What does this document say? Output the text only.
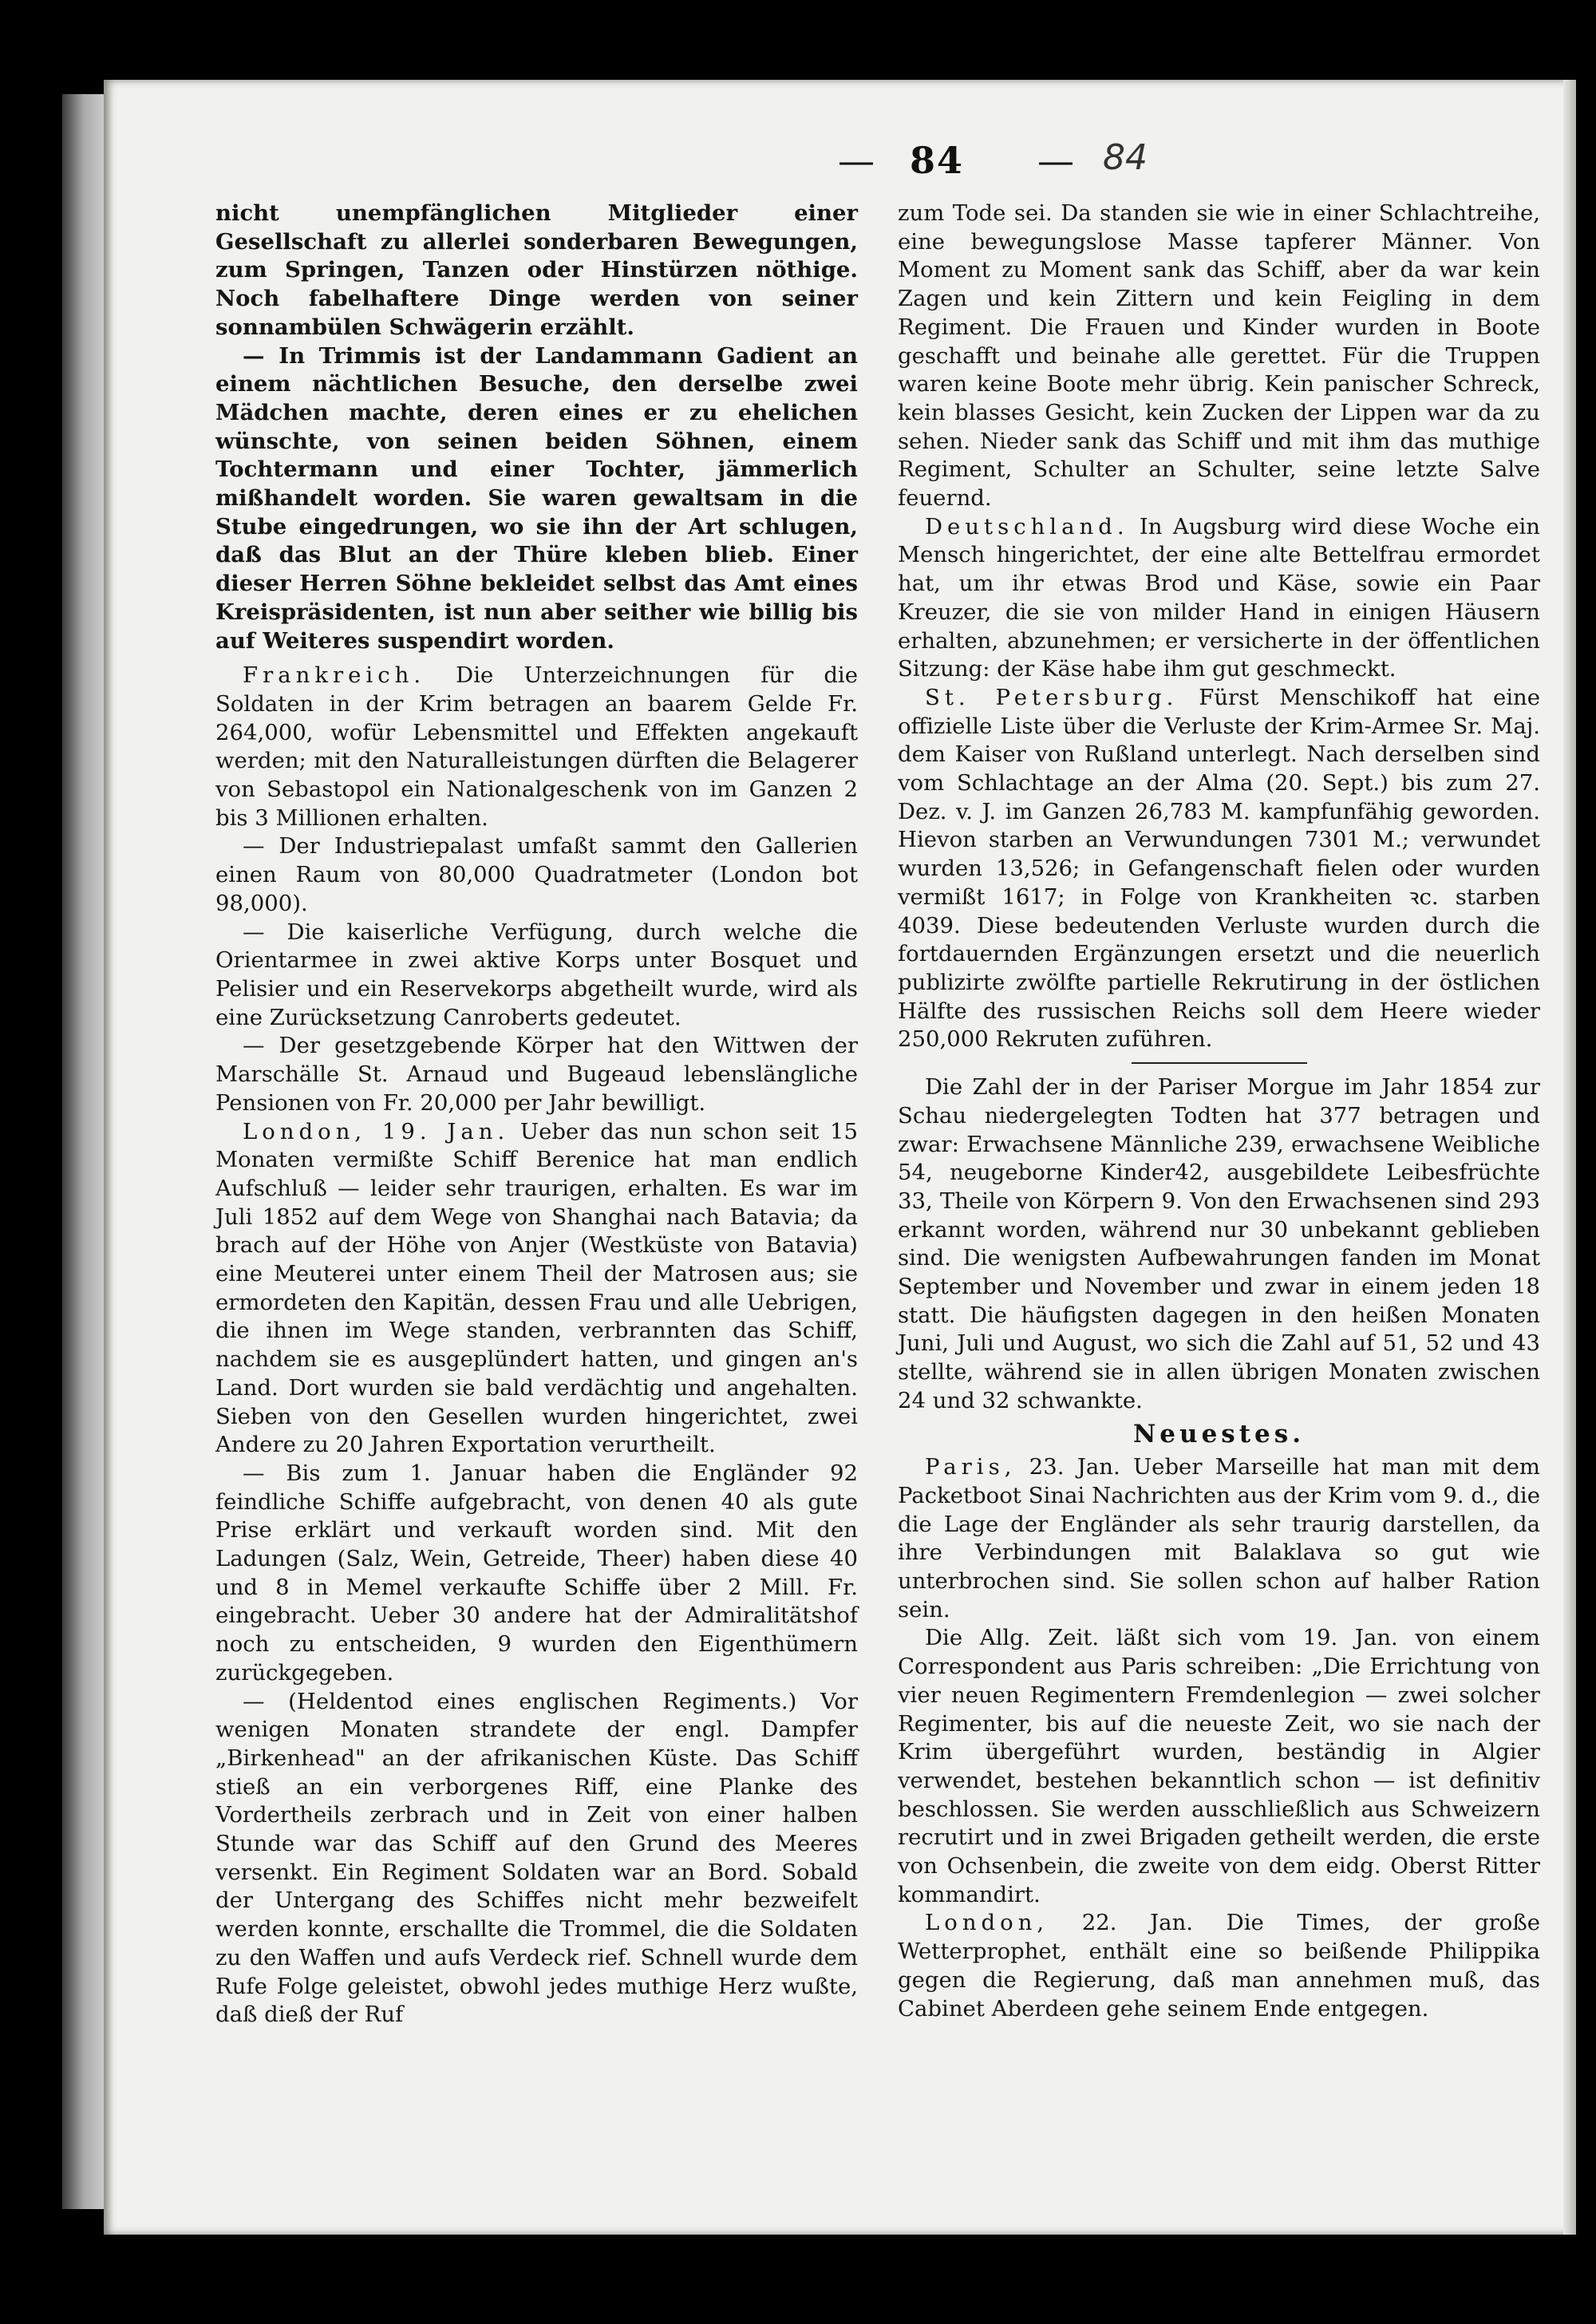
— 84 — 84

nicht unempfänglichen Mitglieder einer Gesellschaft zu allerlei sonderbaren Bewegungen, zum Springen, Tanzen oder Hinstürzen nöthige. Noch fabelhaftere Dinge werden von seiner sonnambülen Schwägerin erzählt.

— In Trimmis ist der Landammann Gadient an einem nächtlichen Besuche, den derselbe zwei Mädchen machte, deren eines er zu ehelichen wünschte, von seinen beiden Söhnen, einem Tochtermann und einer Tochter, jämmerlich mißhandelt worden. Sie waren gewaltsam in die Stube eingedrungen, wo sie ihn der Art schlugen, daß das Blut an der Thüre kleben blieb. Einer dieser Herren Söhne bekleidet selbst das Amt eines Kreispräsidenten, ist nun aber seither wie billig bis auf Weiteres suspendirt worden.

Frankreich. Die Unterzeichnungen für die Soldaten in der Krim betragen an baarem Gelde Fr. 264,000, wofür Lebensmittel und Effekten angekauft werden; mit den Naturalleistungen dürften die Belagerer von Sebastopol ein Nationalgeschenk von im Ganzen 2 bis 3 Millionen erhalten.

— Der Industriepalast umfaßt sammt den Gallerien einen Raum von 80,000 Quadratmeter (London bot 98,000).

— Die kaiserliche Verfügung, durch welche die Orientarmee in zwei aktive Korps unter Bosquet und Pelisier und ein Reservekorps abgetheilt wurde, wird als eine Zurücksetzung Canroberts gedeutet.

— Der gesetzgebende Körper hat den Wittwen der Marschälle St. Arnaud und Bugeaud lebenslängliche Pensionen von Fr. 20,000 per Jahr bewilligt.

London, 19. Jan. Ueber das nun schon seit 15 Monaten vermißte Schiff Berenice hat man endlich Aufschluß — leider sehr traurigen, erhalten. Es war im Juli 1852 auf dem Wege von Shanghai nach Batavia; da brach auf der Höhe von Anjer (Westküste von Batavia) eine Meuterei unter einem Theil der Matrosen aus; sie ermordeten den Kapitän, dessen Frau und alle Uebrigen, die ihnen im Wege standen, verbrannten das Schiff, nachdem sie es ausgeplündert hatten, und gingen an's Land. Dort wurden sie bald verdächtig und angehalten. Sieben von den Gesellen wurden hingerichtet, zwei Andere zu 20 Jahren Exportation verurtheilt.

— Bis zum 1. Januar haben die Engländer 92 feindliche Schiffe aufgebracht, von denen 40 als gute Prise erklärt und verkauft worden sind. Mit den Ladungen (Salz, Wein, Getreide, Theer) haben diese 40 und 8 in Memel verkaufte Schiffe über 2 Mill. Fr. eingebracht. Ueber 30 andere hat der Admiralitätshof noch zu entscheiden, 9 wurden den Eigenthümern zurückgegeben.

— (Heldentod eines englischen Regiments.) Vor wenigen Monaten strandete der engl. Dampfer „Birkenhead" an der afrikanischen Küste. Das Schiff stieß an ein verborgenes Riff, eine Planke des Vordertheils zerbrach und in Zeit von einer halben Stunde war das Schiff auf den Grund des Meeres versenkt. Ein Regiment Soldaten war an Bord. Sobald der Untergang des Schiffes nicht mehr bezweifelt werden konnte, erschallte die Trommel, die die Soldaten zu den Waffen und aufs Verdeck rief. Schnell wurde dem Rufe Folge geleistet, obwohl jedes muthige Herz wußte, daß dieß der Ruf

zum Tode sei. Da standen sie wie in einer Schlachtreihe, eine bewegungslose Masse tapferer Männer. Von Moment zu Moment sank das Schiff, aber da war kein Zagen und kein Zittern und kein Feigling in dem Regiment. Die Frauen und Kinder wurden in Boote geschafft und beinahe alle gerettet. Für die Truppen waren keine Boote mehr übrig. Kein panischer Schreck, kein blasses Gesicht, kein Zucken der Lippen war da zu sehen. Nieder sank das Schiff und mit ihm das muthige Regiment, Schulter an Schulter, seine letzte Salve feuernd.

Deutschland. In Augsburg wird diese Woche ein Mensch hingerichtet, der eine alte Bettelfrau ermordet hat, um ihr etwas Brod und Käse, sowie ein Paar Kreuzer, die sie von milder Hand in einigen Häusern erhalten, abzunehmen; er versicherte in der öffentlichen Sitzung: der Käse habe ihm gut geschmeckt.

St. Petersburg. Fürst Menschikoff hat eine offizielle Liste über die Verluste der Krim-Armee Sr. Maj. dem Kaiser von Rußland unterlegt. Nach derselben sind vom Schlachtage an der Alma (20. Sept.) bis zum 27. Dez. v. J. im Ganzen 26,783 M. kampfunfähig geworden. Hievon starben an Verwundungen 7301 M.; verwundet wurden 13,526; in Gefangenschaft fielen oder wurden vermißt 1617; in Folge von Krankheiten ꝛc. starben 4039. Diese bedeutenden Verluste wurden durch die fortdauernden Ergänzungen ersetzt und die neuerlich publizirte zwölfte partielle Rekrutirung in der östlichen Hälfte des russischen Reichs soll dem Heere wieder 250,000 Rekruten zuführen.

Die Zahl der in der Pariser Morgue im Jahr 1854 zur Schau niedergelegten Todten hat 377 betragen und zwar: Erwachsene Männliche 239, erwachsene Weibliche 54, neugeborne Kinder42, ausgebildete Leibesfrüchte 33, Theile von Körpern 9. Von den Erwachsenen sind 293 erkannt worden, während nur 30 unbekannt geblieben sind. Die wenigsten Aufbewahrungen fanden im Monat September und November und zwar in einem jeden 18 statt. Die häufigsten dagegen in den heißen Monaten Juni, Juli und August, wo sich die Zahl auf 51, 52 und 43 stellte, während sie in allen übrigen Monaten zwischen 24 und 32 schwankte.

Neuestes.

Paris, 23. Jan. Ueber Marseille hat man mit dem Packetboot Sinai Nachrichten aus der Krim vom 9. d., die die Lage der Engländer als sehr traurig darstellen, da ihre Verbindungen mit Balaklava so gut wie unterbrochen sind. Sie sollen schon auf halber Ration sein.

Die Allg. Zeit. läßt sich vom 19. Jan. von einem Correspondent aus Paris schreiben: „Die Errichtung von vier neuen Regimentern Fremdenlegion — zwei solcher Regimenter, bis auf die neueste Zeit, wo sie nach der Krim übergeführt wurden, beständig in Algier verwendet, bestehen bekanntlich schon — ist definitiv beschlossen. Sie werden ausschließlich aus Schweizern recrutirt und in zwei Brigaden getheilt werden, die erste von Ochsenbein, die zweite von dem eidg. Oberst Ritter kommandirt.

London, 22. Jan. Die Times, der große Wetterprophet, enthält eine so beißende Philippika gegen die Regierung, daß man annehmen muß, das Cabinet Aberdeen gehe seinem Ende entgegen.
